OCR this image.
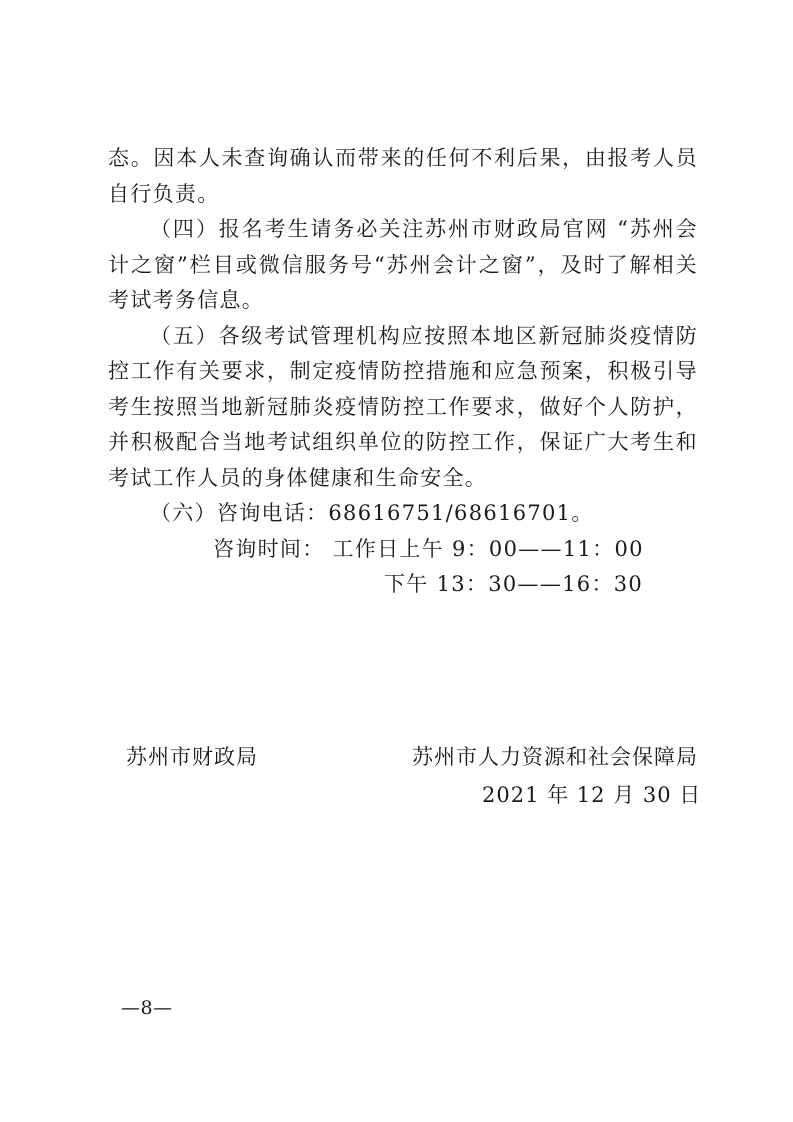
态。因本人未查询确认而带来的任何不利后果，由报考人员自行负责。

（四）报名考生请务必关注苏州市财政局官网 “苏州会计之窗”栏目或微信服务号“苏州会计之窗”，及时了解相关考试考务信息。

（五）各级考试管理机构应按照本地区新冠肺炎疫情防控工作有关要求，制定疫情防控措施和应急预案，积极引导考生按照当地新冠肺炎疫情防控工作要求，做好个人防护，并积极配合当地考试组织单位的防控工作，保证广大考生和考试工作人员的身体健康和生命安全。

（六）咨询电话：68616751/68616701。

咨询时间： 工作日上午 9：00——11：00
下午 13：30——16：30
苏州市财政局	苏州市人力资源和社会保障局
2021 年 12 月 30 日
—8—
